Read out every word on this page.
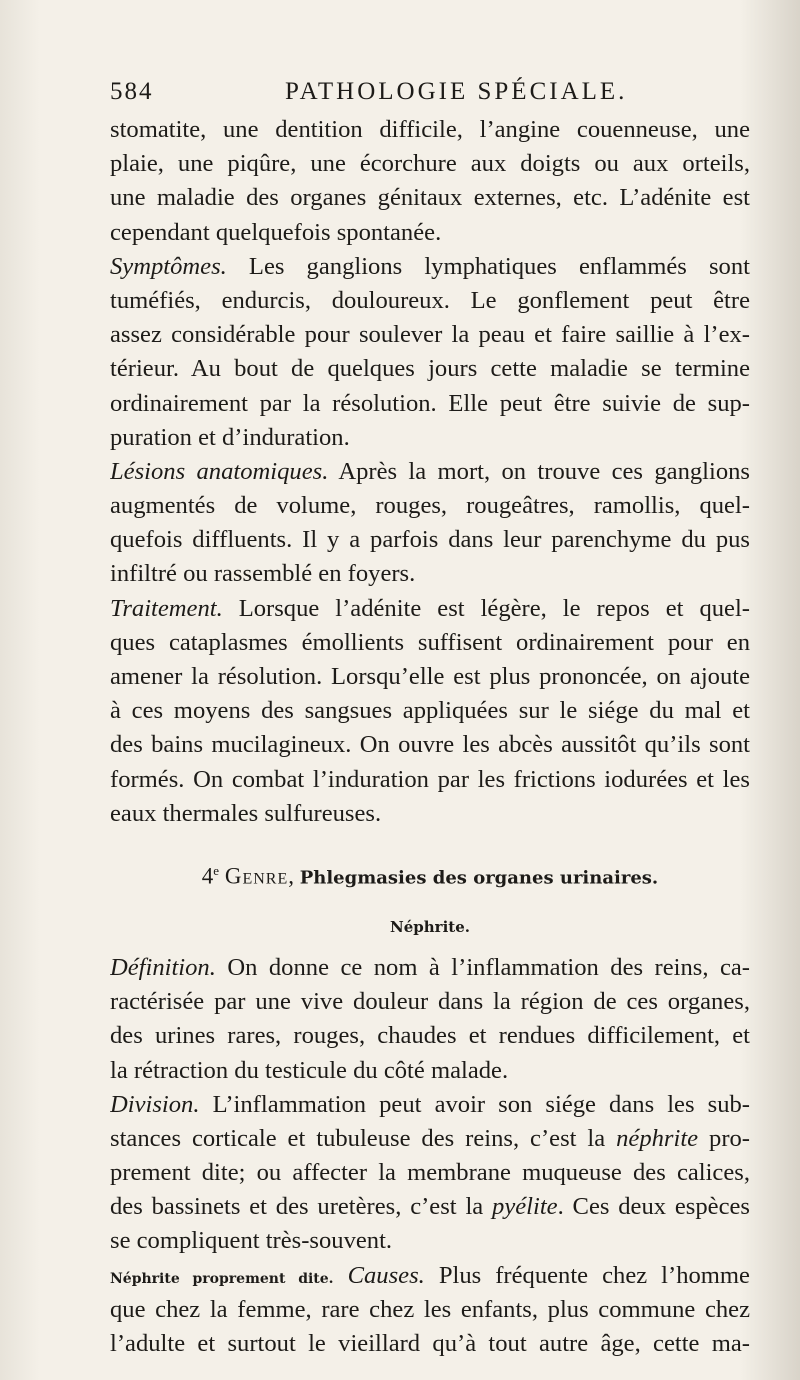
584	PATHOLOGIE SPÉCIALE.
stomatite, une dentition difficile, l’angine couenneuse, une
plaie, une piqûre, une écorchure aux doigts ou aux orteils,
une maladie des organes génitaux externes, etc. L’adénite est
cependant quelquefois spontanée.
Symptômes. Les ganglions lymphatiques enflammés sont
tuméfiés, endurcis, douloureux. Le gonflement peut être
assez considérable pour soulever la peau et faire saillie à l’ex-
térieur. Au bout de quelques jours cette maladie se termine
ordinairement par la résolution. Elle peut être suivie de sup-
puration et d’induration.
Lésions anatomiques. Après la mort, on trouve ces ganglions
augmentés de volume, rouges, rougeâtres, ramollis, quel-
quefois diffluents. Il y a parfois dans leur parenchyme du pus
infiltré ou rassemblé en foyers.
Traitement. Lorsque l’adénite est légère, le repos et quel-
ques cataplasmes émollients suffisent ordinairement pour en
amener la résolution. Lorsqu’elle est plus prononcée, on ajoute
à ces moyens des sangsues appliquées sur le siége du mal et
des bains mucilagineux. On ouvre les abcès aussitôt qu’ils sont
formés. On combat l’induration par les frictions iodurées et les
eaux thermales sulfureuses.
4e Genre, Phlegmasies des organes urinaires.
Néphrite.
Définition. On donne ce nom à l’inflammation des reins, ca-
ractérisée par une vive douleur dans la région de ces organes,
des urines rares, rouges, chaudes et rendues difficilement, et
la rétraction du testicule du côté malade.
Division. L’inflammation peut avoir son siége dans les sub-
stances corticale et tubuleuse des reins, c’est la néphrite pro-
prement dite; ou affecter la membrane muqueuse des calices,
des bassinets et des uretères, c’est la pyélite. Ces deux espèces
se compliquent très-souvent.
Néphrite proprement dite. Causes. Plus fréquente chez l’homme
que chez la femme, rare chez les enfants, plus commune chez
l’adulte et surtout le vieillard qu’à tout autre âge, cette ma-
